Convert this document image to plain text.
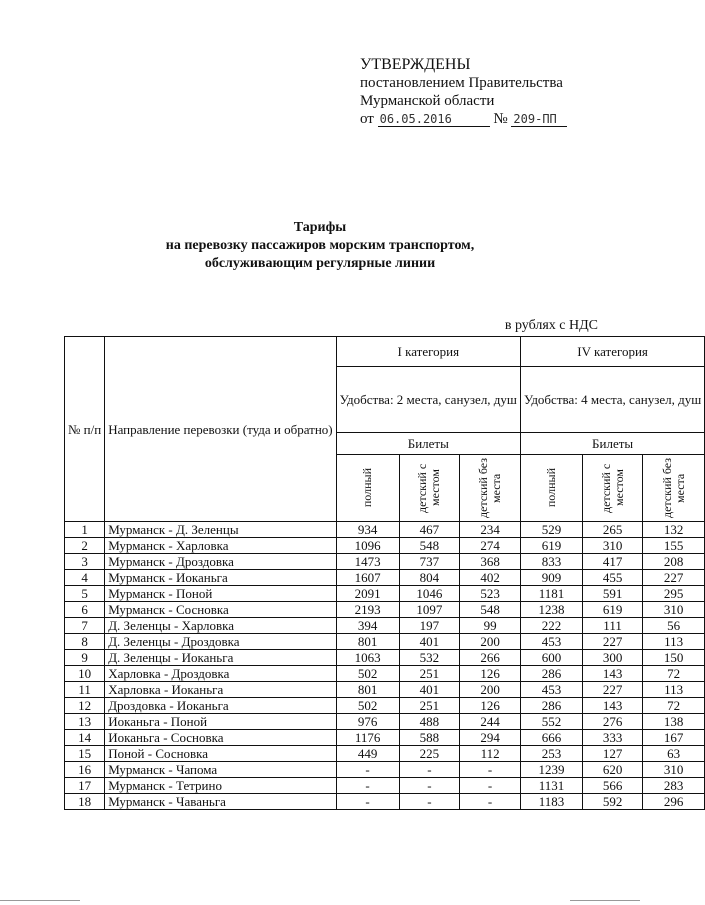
УТВЕРЖДЕНЫ
постановлением Правительства
Мурманской области
от 06.05.2016	№ 209-ПП
Тарифы
на перевозку пассажиров морским транспортом,
обслуживающим регулярные линии
в рублях с НДС
№ п/п	Направление перевозки (туда и обратно)	I категория			IV категория		
		Удобства: 2 места, санузел, душ			Удобства: 4 места, санузел, душ		
		Билеты			Билеты		

		полный	детский с местом	детский без места	полный	детский с местом	детский без места

1	Мурманск - Д. Зеленцы	934	467	234	529	265	132
2	Мурманск - Харловка	1096	548	274	619	310	155
3	Мурманск - Дроздовка	1473	737	368	833	417	208
4	Мурманск - Иоканьга	1607	804	402	909	455	227
5	Мурманск - Поной	2091	1046	523	1181	591	295
6	Мурманск - Сосновка	2193	1097	548	1238	619	310
7	Д. Зеленцы - Харловка	394	197	99	222	111	56
8	Д. Зеленцы - Дроздовка	801	401	200	453	227	113
9	Д. Зеленцы - Иоканьга	1063	532	266	600	300	150
10	Харловка - Дроздовка	502	251	126	286	143	72
11	Харловка - Иоканьга	801	401	200	453	227	113
12	Дроздовка - Иоканьга	502	251	126	286	143	72
13	Иоканьга - Поной	976	488	244	552	276	138
14	Иоканьга - Сосновка	1176	588	294	666	333	167
15	Поной - Сосновка	449	225	112	253	127	63
16	Мурманск - Чапома	-	-	-	1239	620	310
17	Мурманск - Тетрино	-	-	-	1131	566	283
18	Мурманск - Чаваньга	-	-	-	1183	592	296
